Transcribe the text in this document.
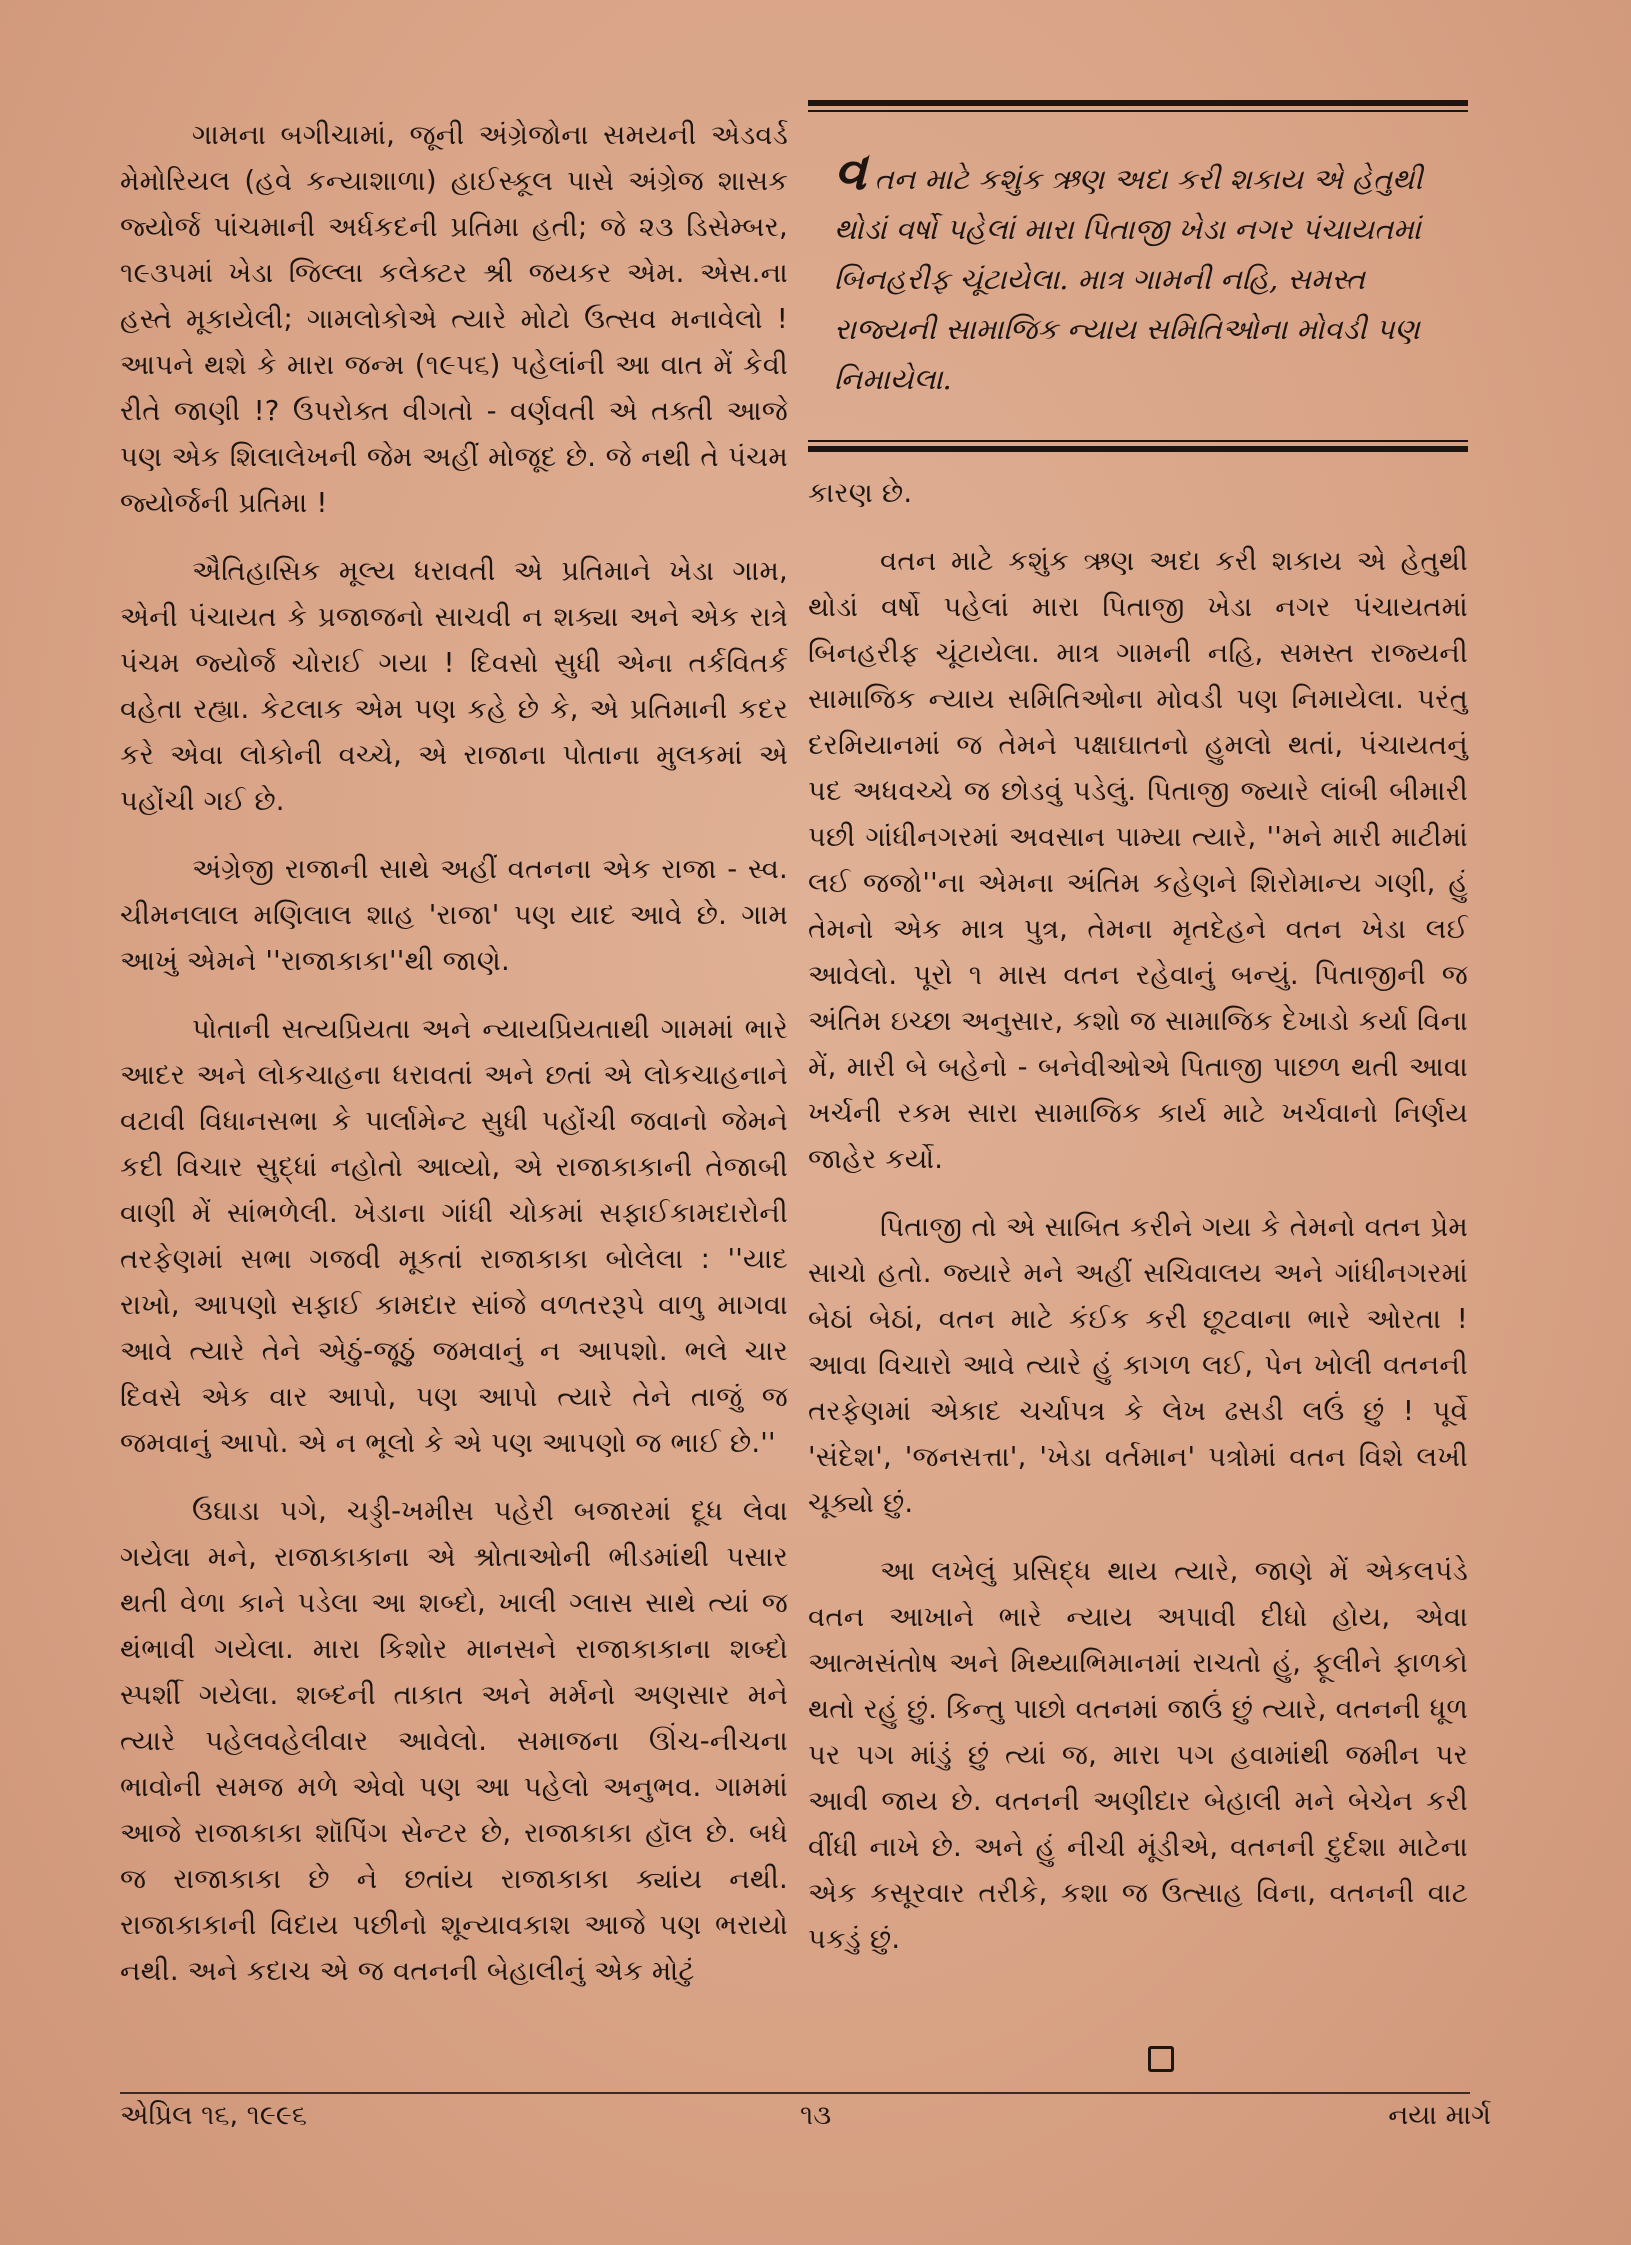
ગામના બગીચામાં, જૂની અંગ્રેજોના સમયની એડવર્ડ મેમોરિયલ (હવે કન્યાશાળા) હાઈસ્કૂલ પાસે અંગ્રેજ શાસક જ્યોર્જ પાંચમાની અર્ધકદની પ્રતિમા હતી; જે ૨૩ ડિસેમ્બર, ૧૯૩૫માં ખેડા જિલ્લા કલેક્ટર શ્રી જયકર એમ. એસ.ના હસ્તે મૂકાયેલી; ગામલોકોએ ત્યારે મોટો ઉત્સવ મનાવેલો ! આપને થશે કે મારા જન્મ (૧૯૫૬) પહેલાંની આ વાત મેં કેવી રીતે જાણી !? ઉપરોક્ત વીગતો - વર્ણવતી એ તક્તી આજે પણ એક શિલાલેખની જેમ અહીં મોજૂદ છે. જે નથી તે પંચમ જ્યોર્જની પ્રતિમા !

ઐતિહાસિક મૂલ્ય ધરાવતી એ પ્રતિમાને ખેડા ગામ, એની પંચાયત કે પ્રજાજનો સાચવી ન શક્યા અને એક રાત્રે પંચમ જ્યોર્જ ચોરાઈ ગયા ! દિવસો સુધી એના તર્કવિતર્ક વહેતા રહ્યા. કેટલાક એમ પણ કહે છે કે, એ પ્રતિમાની કદર કરે એવા લોકોની વચ્ચે, એ રાજાના પોતાના મુલકમાં એ પહોંચી ગઈ છે.

અંગ્રેજી રાજાની સાથે અહીં વતનના એક રાજા - સ્વ. ચીમનલાલ મણિલાલ શાહ 'રાજા' પણ યાદ આવે છે. ગામ આખું એમને ''રાજાકાકા''થી જાણે.

પોતાની સત્યપ્રિયતા અને ન્યાયપ્રિયતાથી ગામમાં ભારે આદર અને લોકચાહના ધરાવતાં અને છતાં એ લોકચાહનાને વટાવી વિધાનસભા કે પાર્લામેન્ટ સુધી પહોંચી જવાનો જેમને કદી વિચાર સુદ્ધાં નહોતો આવ્યો, એ રાજાકાકાની તેજાબી વાણી મેં સાંભળેલી. ખેડાના ગાંધી ચોકમાં સફાઈકામદારોની તરફેણમાં સભા ગજવી મૂકતાં રાજાકાકા બોલેલા : ''યાદ રાખો, આપણો સફાઈ કામદાર સાંજે વળતરરૂપે વાળુ માગવા આવે ત્યારે તેને એઠું-જૂઠું જમવાનું ન આપશો. ભલે ચાર દિવસે એક વાર આપો, પણ આપો ત્યારે તેને તાજું જ જમવાનું આપો. એ ન ભૂલો કે એ પણ આપણો જ ભાઈ છે.''

ઉઘાડા પગે, ચડ્ડી-ખમીસ પહેરી બજારમાં દૂધ લેવા ગયેલા મને, રાજાકાકાના એ શ્રોતાઓની ભીડમાંથી પસાર થતી વેળા કાને પડેલા આ શબ્દો, ખાલી ગ્લાસ સાથે ત્યાં જ થંભાવી ગયેલા. મારા કિશોર માનસને રાજાકાકાના શબ્દો સ્પર્શી ગયેલા. શબ્દની તાકાત અને મર્મનો અણસાર મને ત્યારે પહેલવહેલીવાર આવેલો. સમાજના ઊંચ-નીચના ભાવોની સમજ મળે એવો પણ આ પહેલો અનુભવ. ગામમાં આજે રાજાકાકા શૉપિંગ સેન્ટર છે, રાજાકાકા હૉલ છે. બધે જ રાજાકાકા છે ને છતાંય રાજાકાકા ક્યાંય નથી. રાજાકાકાની વિદાય પછીનો શૂન્યાવકાશ આજે પણ ભરાયો નથી. અને કદાચ એ જ વતનની બેહાલીનું એક મોટું

વતન માટે કશુંક ઋણ અદા કરી શકાય એ હેતુથી થોડાં વર્ષો પહેલાં મારા પિતાજી ખેડા નગર પંચાયતમાં બિનહરીફ ચૂંટાયેલા. માત્ર ગામની નહિ, સમસ્ત રાજ્યની સામાજિક ન્યાય સમિતિઓના મોવડી પણ નિમાયેલા.

કારણ છે.

વતન માટે કશુંક ઋણ અદા કરી શકાય એ હેતુથી થોડાં વર્ષો પહેલાં મારા પિતાજી ખેડા નગર પંચાયતમાં બિનહરીફ ચૂંટાયેલા. માત્ર ગામની નહિ, સમસ્ત રાજ્યની સામાજિક ન્યાય સમિતિઓના મોવડી પણ નિમાયેલા. પરંતુ દરમિયાનમાં જ તેમને પક્ષાઘાતનો હુમલો થતાં, પંચાયતનું પદ અધવચ્ચે જ છોડવું પડેલું. પિતાજી જ્યારે લાંબી બીમારી પછી ગાંધીનગરમાં અવસાન પામ્યા ત્યારે, ''મને મારી માટીમાં લઈ જજો''ના એમના અંતિમ કહેણને શિરોમાન્ય ગણી, હું તેમનો એક માત્ર પુત્ર, તેમના મૃતદેહને વતન ખેડા લઈ આવેલો. પૂરો ૧ માસ વતન રહેવાનું બન્યું. પિતાજીની જ અંતિમ ઇચ્છા અનુસાર, કશો જ સામાજિક દેખાડો કર્યા વિના મેં, મારી બે બહેનો - બનેવીઓએ પિતાજી પાછળ થતી આવા ખર્ચની રકમ સારા સામાજિક કાર્ય માટે ખર્ચવાનો નિર્ણય જાહેર કર્યો.

પિતાજી તો એ સાબિત કરીને ગયા કે તેમનો વતન પ્રેમ સાચો હતો. જ્યારે મને અહીં સચિવાલય અને ગાંધીનગરમાં બેઠાં બેઠાં, વતન માટે કંઈક કરી છૂટવાના ભારે ઓરતા ! આવા વિચારો આવે ત્યારે હું કાગળ લઈ, પેન ખોલી વતનની તરફેણમાં એકાદ ચર્ચાપત્ર કે લેખ ઢસડી લઉં છું ! પૂર્વે 'સંદેશ', 'જનસત્તા', 'ખેડા વર્તમાન' પત્રોમાં વતન વિશે લખી ચૂક્યો છું.

આ લખેલું પ્રસિદ્ધ થાય ત્યારે, જાણે મેં એકલપંડે વતન આખાને ભારે ન્યાય અપાવી દીધો હોય, એવા આત્મસંતોષ અને મિથ્યાભિમાનમાં રાચતો હું, ફૂલીને ફાળકો થતો રહું છું. કિન્તુ પાછો વતનમાં જાઉં છું ત્યારે, વતનની ધૂળ પર પગ માંડું છું ત્યાં જ, મારા પગ હવામાંથી જમીન પર આવી જાય છે. વતનની અણીદાર બેહાલી મને બેચેન કરી વીંધી નાખે છે. અને હું નીચી મૂંડીએ, વતનની દુર્દશા માટેના એક કસૂરવાર તરીકે, કશા જ ઉત્સાહ વિના, વતનની વાટ પકડું છું.

એપ્રિલ ૧૬, ૧૯૯૬	૧૩	નયા માર્ગ
